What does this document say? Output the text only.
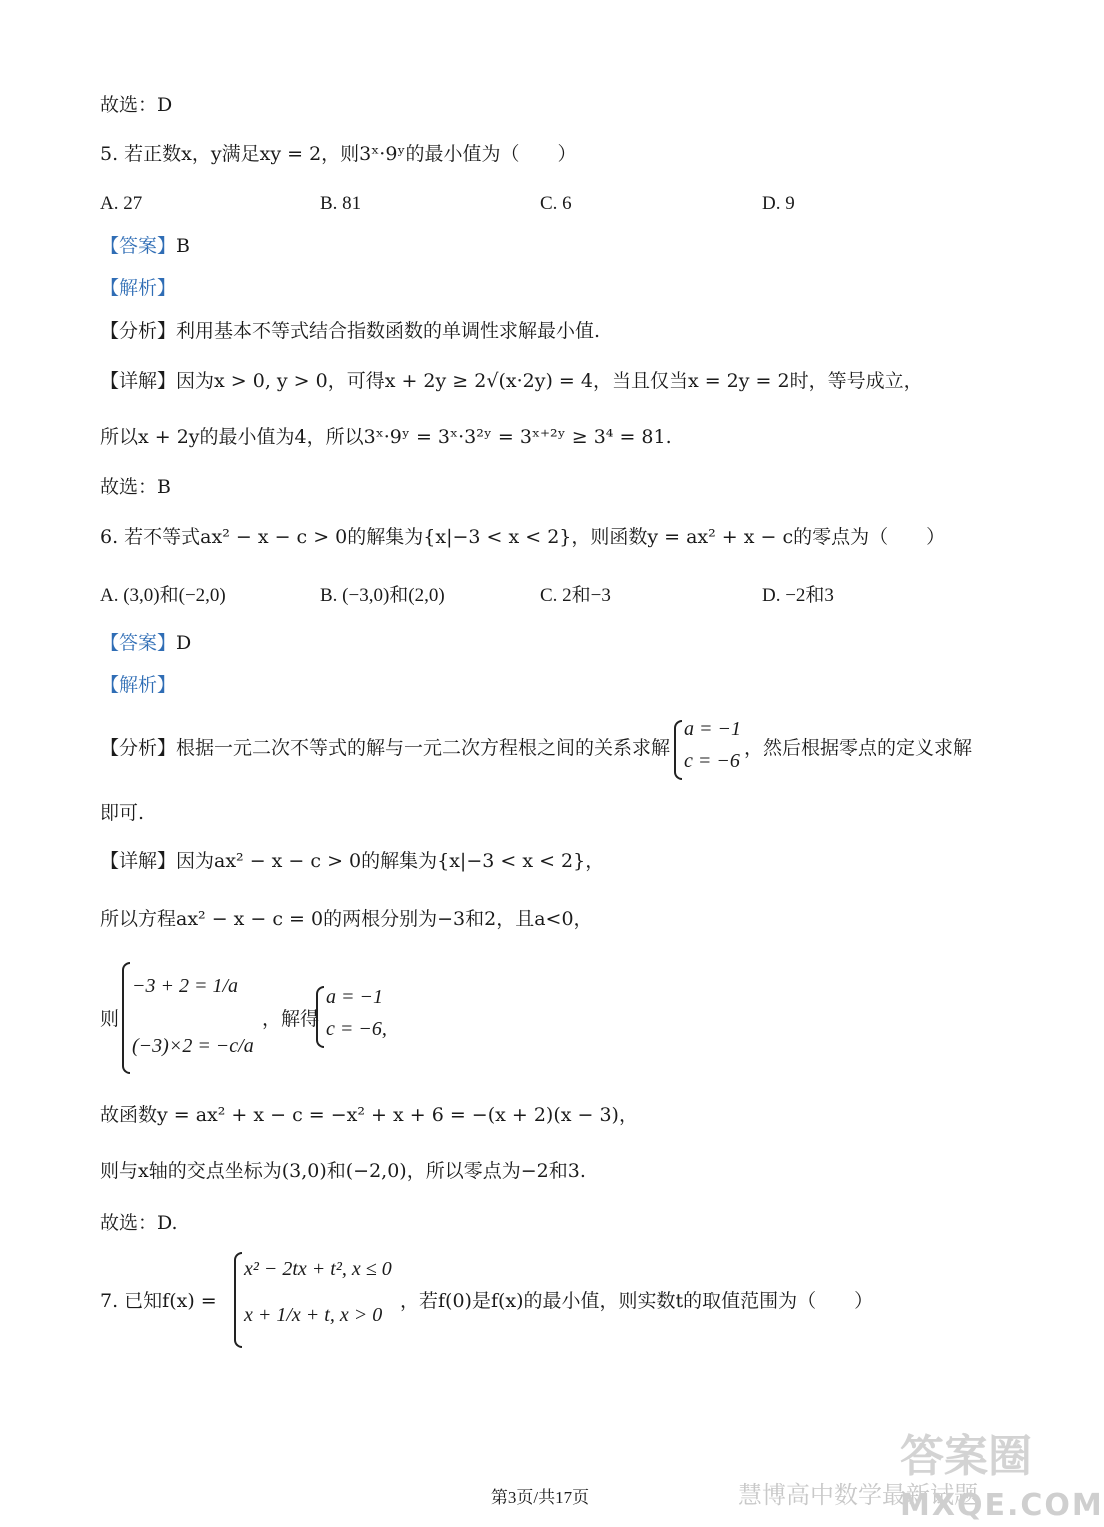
故选：D
5. 若正数x，y满足xy = 2，则3ˣ·9ʸ的最小值为（　　）
A. 27	B. 81	C. 6	D. 9
【答案】B
【解析】
【分析】利用基本不等式结合指数函数的单调性求解最小值.
【详解】因为x > 0, y > 0，可得x + 2y ≥ 2√(x·2y) = 4，当且仅当x = 2y = 2时，等号成立，
所以x + 2y的最小值为4，所以3ˣ·9ʸ = 3ˣ·3²ʸ = 3ˣ⁺²ʸ ≥ 3⁴ = 81.
故选：B
6. 若不等式ax² − x − c > 0的解集为{x|−3 < x < 2}，则函数y = ax² + x − c的零点为（　　）
A. (3,0)和(−2,0)	B. (−3,0)和(2,0)	C. 2和−3	D. −2和3
【答案】D
【解析】
【分析】根据一元二次不等式的解与一元二次方程根之间的关系求解
a = −1
c = −6
，然后根据零点的定义求解
即可.
【详解】因为ax² − x − c > 0的解集为{x|−3 < x < 2}，
所以方程ax² − x − c = 0的两根分别为−3和2，且a<0，
则
−3 + 2 = 1/a
(−3)×2 = −c/a
，解得
a = −1
c = −6,
故函数y = ax² + x − c = −x² + x + 6 = −(x + 2)(x − 3)，
则与x轴的交点坐标为(3,0)和(−2,0)，所以零点为−2和3.
故选：D.
7. 已知f(x) =
x² − 2tx + t², x ≤ 0
x + 1/x + t, x > 0
，若f(0)是f(x)的最小值，则实数t的取值范围为（　　）
第3页/共17页	慧博高中数学最新试题
答案圈
MXQE.COM
